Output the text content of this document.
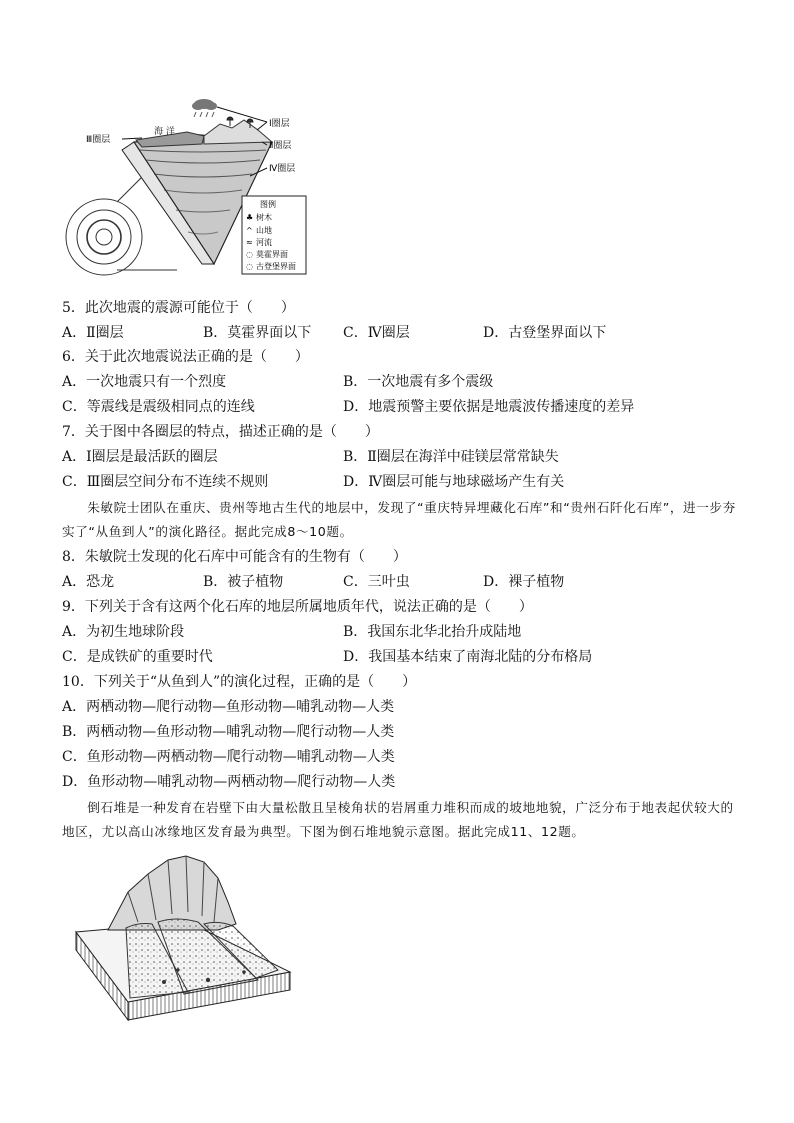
海 洋
Ⅰ圈层
Ⅱ圈层
Ⅳ圈层
Ⅲ圈层
图例
♣ 树木
^ 山地
≈ 河流
◌ 莫霍界面
◌ 古登堡界面
5．此次地震的震源可能位于（　　）
A．Ⅱ圈层	B．莫霍界面以下 C．Ⅳ圈层	D．古登堡界面以下
6．关于此次地震说法正确的是（　　）
A．一次地震只有一个烈度	B．一次地震有多个震级
C．等震线是震级相同点的连线	D．地震预警主要依据是地震波传播速度的差异
7．关于图中各圈层的特点，描述正确的是（　　）
A．Ⅰ圈层是最活跃的圈层	B．Ⅱ圈层在海洋中硅镁层常常缺失
C．Ⅲ圈层空间分布不连续不规则	D．Ⅳ圈层可能与地球磁场产生有关
朱敏院士团队在重庆、贵州等地古生代的地层中，发现了“重庆特异埋藏化石库”和“贵州石阡化石库”，进一步夯实了“从鱼到人”的演化路径。据此完成8～10题。
8．朱敏院士发现的化石库中可能含有的生物有（　　）
A．恐龙	B．被子植物	C．三叶虫	D．裸子植物
9．下列关于含有这两个化石库的地层所属地质年代，说法正确的是（　　）
A．为初生地球阶段	B．我国东北华北抬升成陆地
C．是成铁矿的重要时代	D．我国基本结束了南海北陆的分布格局
10．下列关于“从鱼到人”的演化过程，正确的是（　　）
A．两栖动物—爬行动物—鱼形动物—哺乳动物—人类
B．两栖动物—鱼形动物—哺乳动物—爬行动物—人类
C．鱼形动物—两栖动物—爬行动物—哺乳动物—人类
D．鱼形动物—哺乳动物—两栖动物—爬行动物—人类
倒石堆是一种发育在岩壁下由大量松散且呈棱角状的岩屑重力堆积而成的坡地地貌，广泛分布于地表起伏较大的地区，尤以高山冰缘地区发育最为典型。下图为倒石堆地貌示意图。据此完成11、12题。
